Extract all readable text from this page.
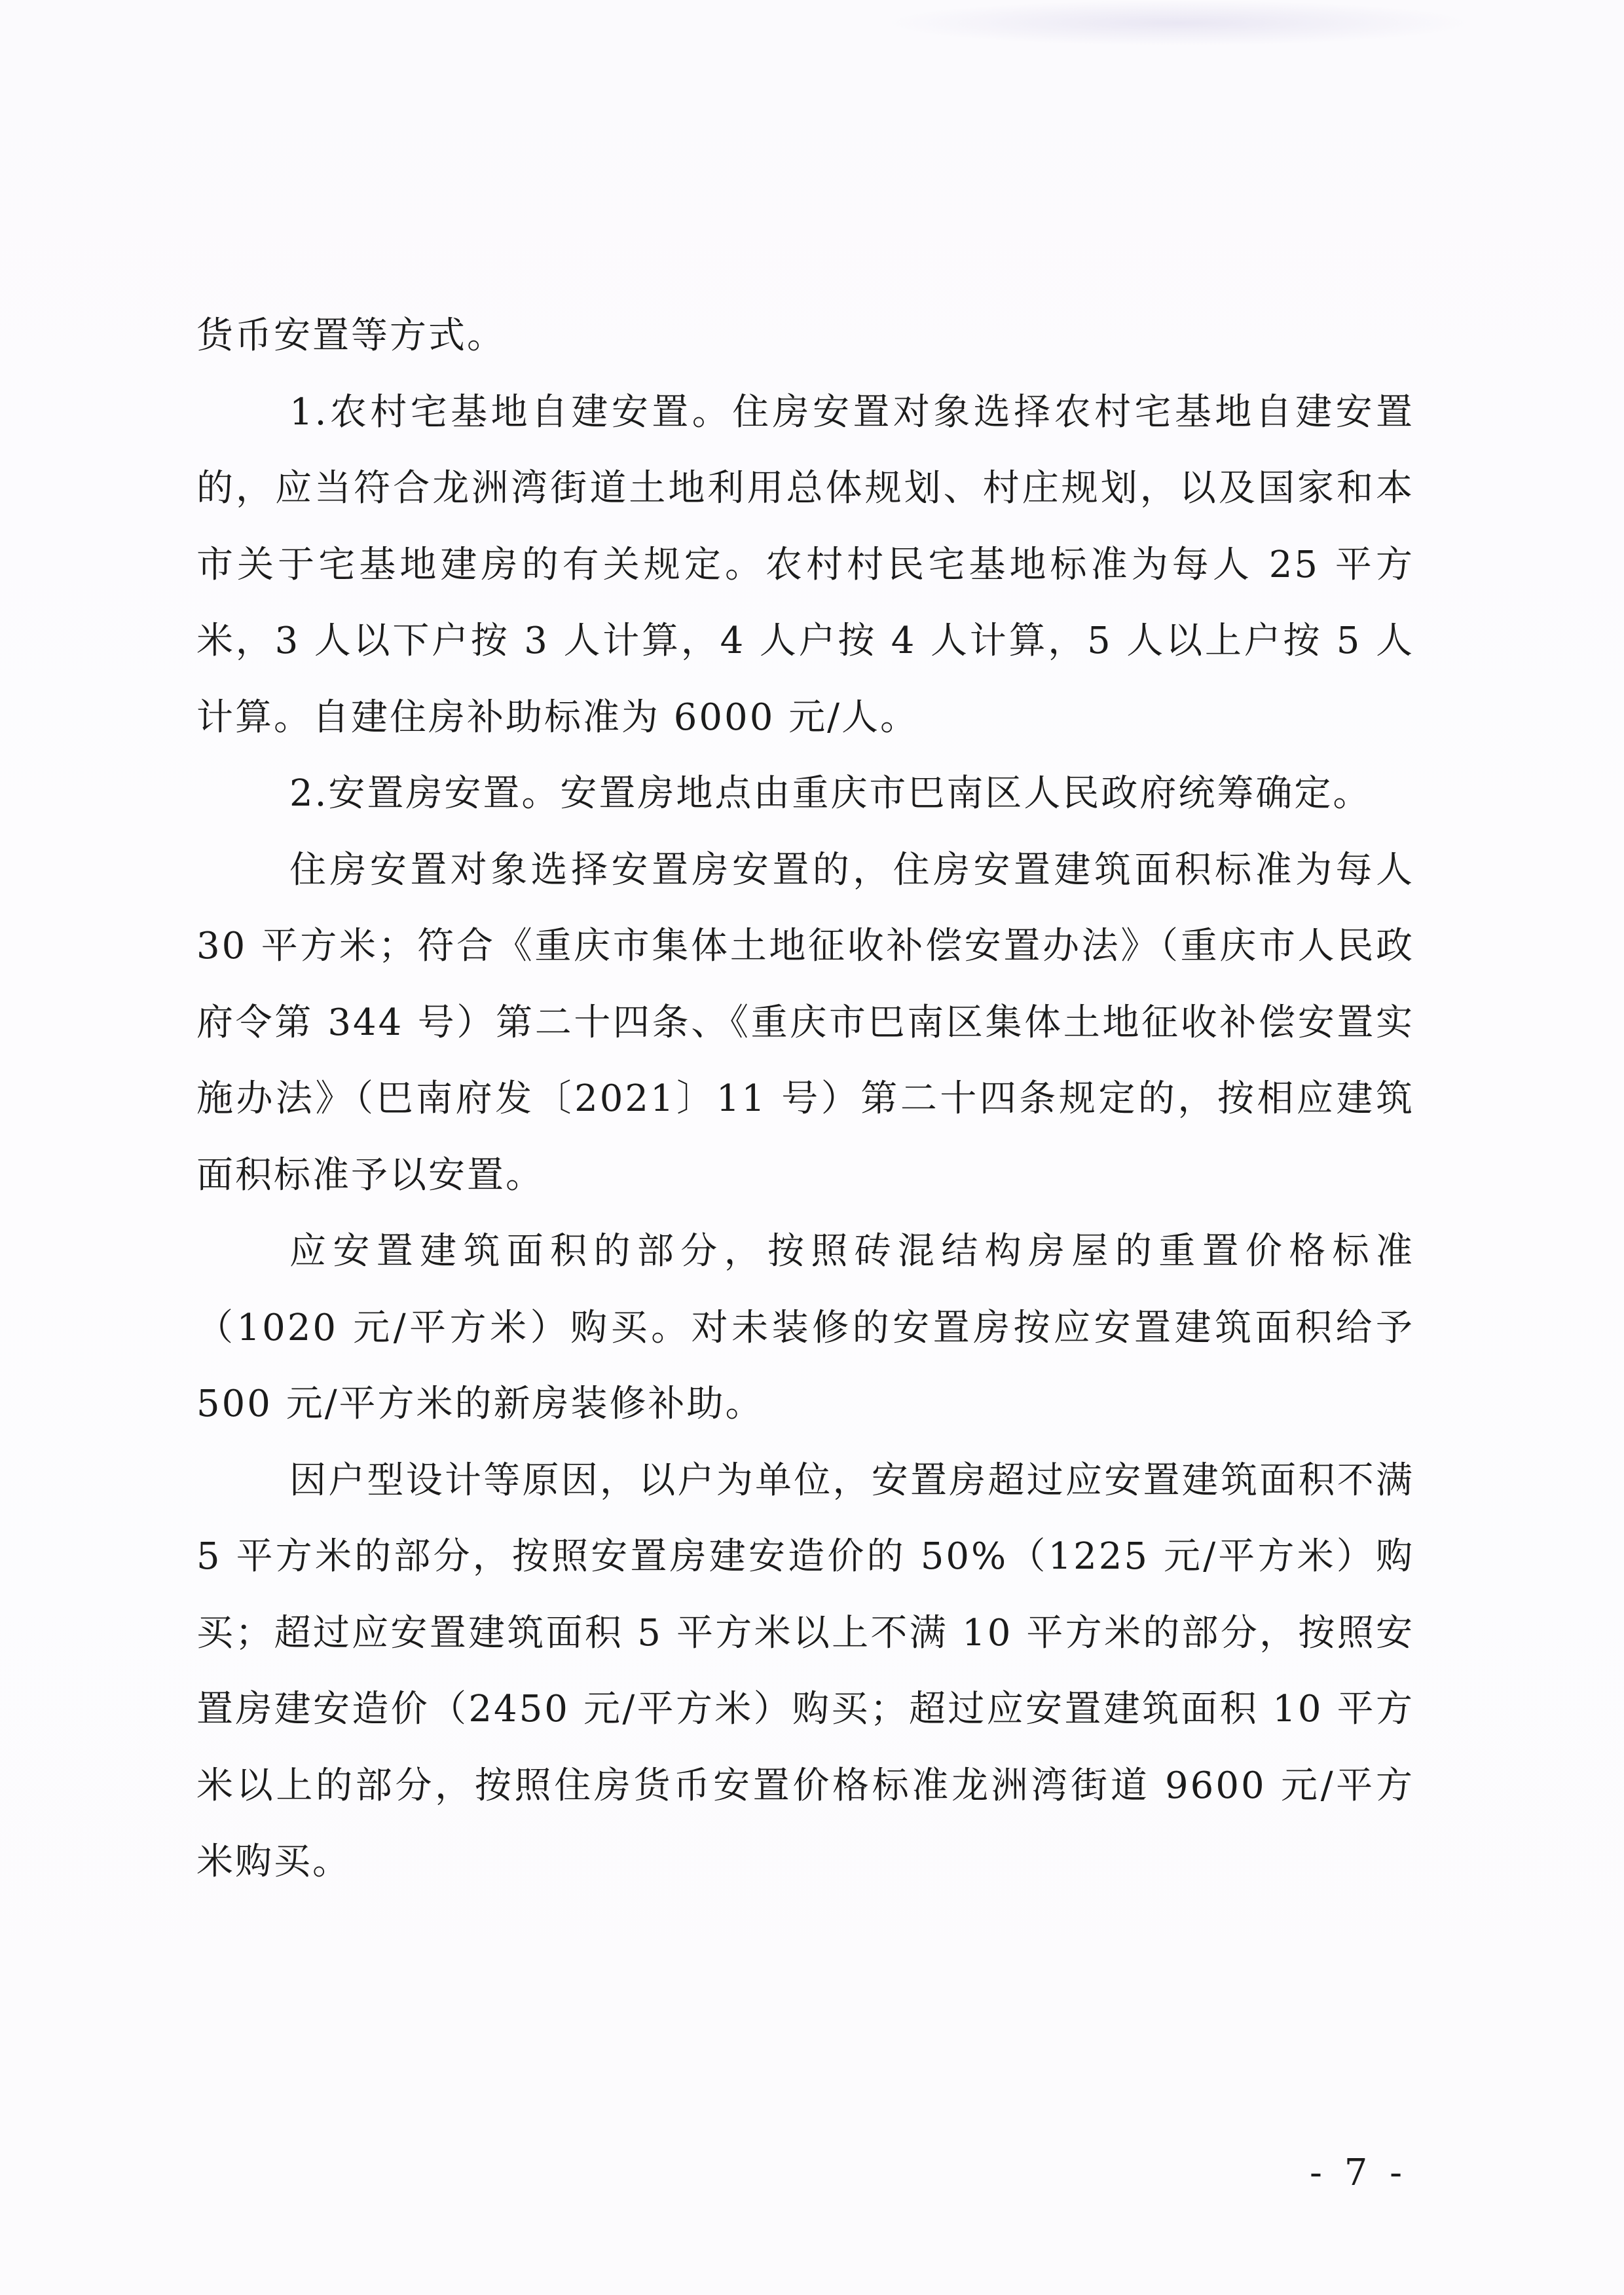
货币安置等方式。

1.农村宅基地自建安置。住房安置对象选择农村宅基地自建安置的，应当符合龙洲湾街道土地利用总体规划、村庄规划，以及国家和本市关于宅基地建房的有关规定。农村村民宅基地标准为每人 25 平方米，3 人以下户按 3 人计算，4 人户按 4 人计算，5 人以上户按 5 人计算。自建住房补助标准为 6000 元/人。

2.安置房安置。安置房地点由重庆市巴南区人民政府统筹确定。

住房安置对象选择安置房安置的，住房安置建筑面积标准为每人 30 平方米；符合《重庆市集体土地征收补偿安置办法》（重庆市人民政府令第 344 号）第二十四条、《重庆市巴南区集体土地征收补偿安置实施办法》（巴南府发〔2021〕11 号）第二十四条规定的，按相应建筑面积标准予以安置。

应安置建筑面积的部分，按照砖混结构房屋的重置价格标准（1020 元/平方米）购买。对未装修的安置房按应安置建筑面积给予 500 元/平方米的新房装修补助。

因户型设计等原因，以户为单位，安置房超过应安置建筑面积不满 5 平方米的部分，按照安置房建安造价的 50%（1225 元/平方米）购买；超过应安置建筑面积 5 平方米以上不满 10 平方米的部分，按照安置房建安造价（2450 元/平方米）购买；超过应安置建筑面积 10 平方米以上的部分，按照住房货币安置价格标准龙洲湾街道 9600 元/平方米购买。

- 7 -
